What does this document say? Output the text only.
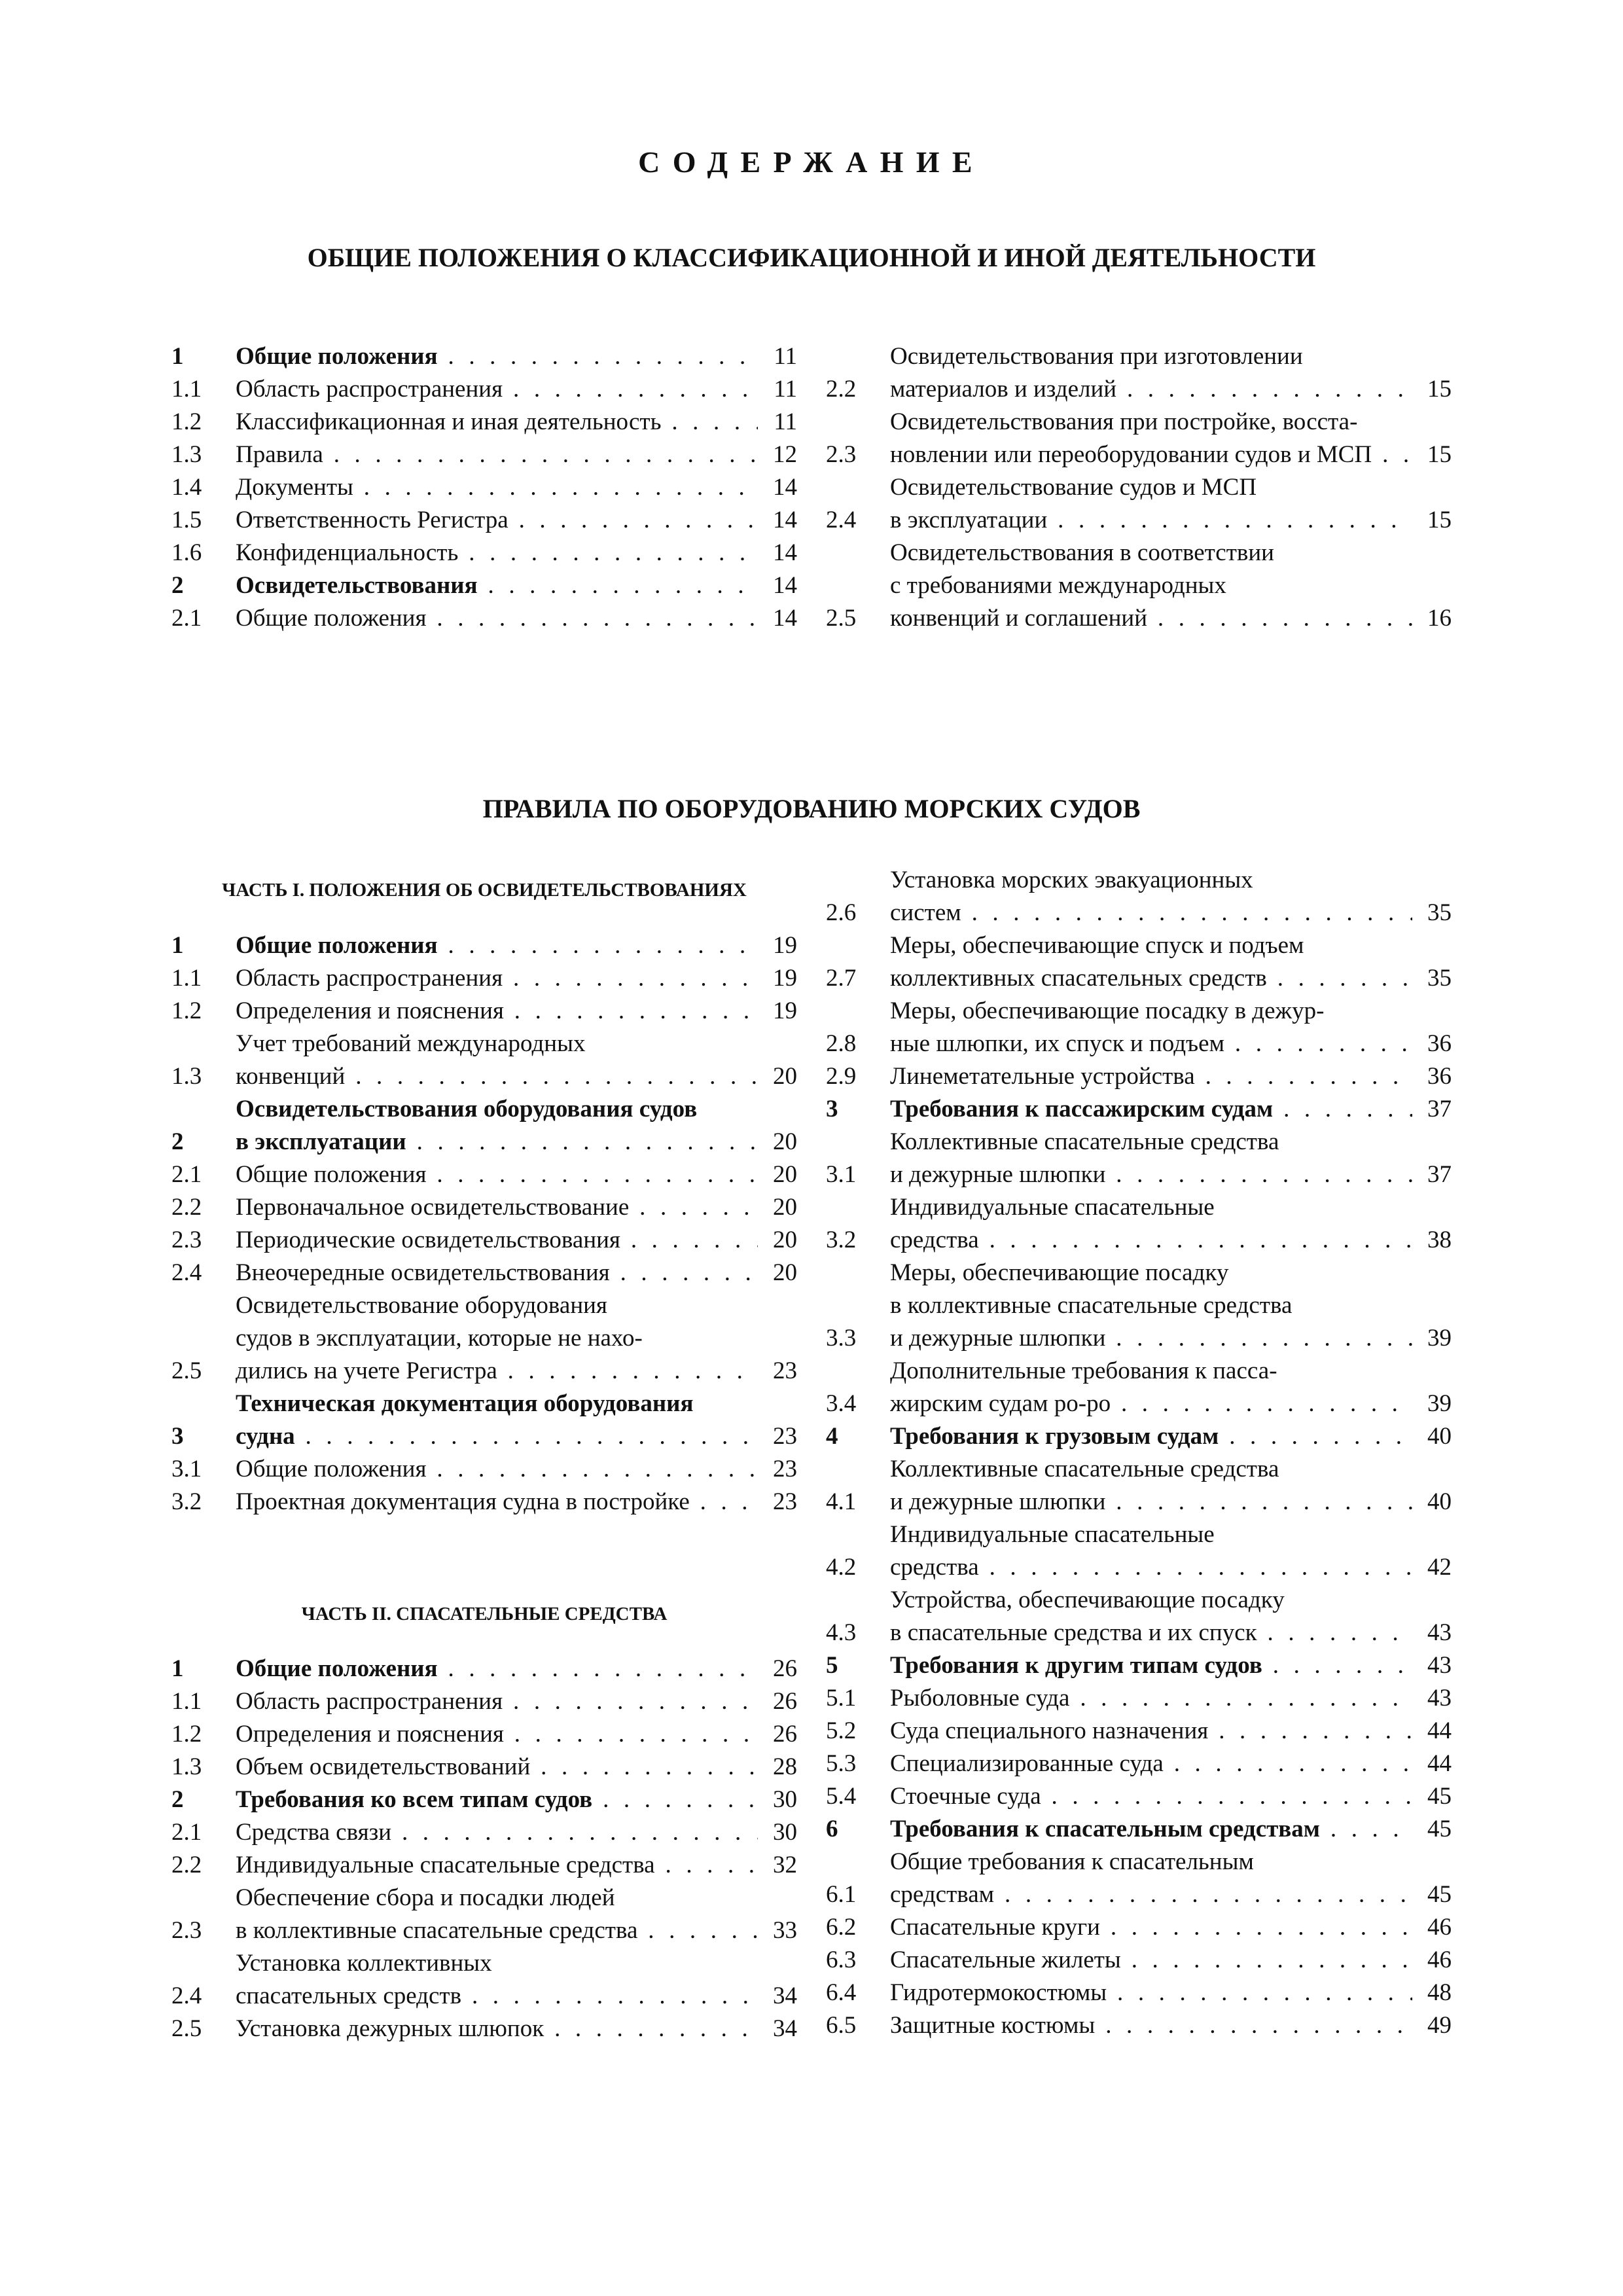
СОДЕРЖАНИЕ
ОБЩИЕ ПОЛОЖЕНИЯ О КЛАССИФИКАЦИОННОЙ И ИНОЙ ДЕЯТЕЛЬНОСТИ
1	Общие положения . . .	11
1.1	Область распространения . . .	11
1.2	Классификационная и иная деятельность . . .	11
1.3	Правила . . .	12
1.4	Документы . . .	14
1.5	Ответственность Регистра . . .	14
1.6	Конфиденциальность . . .	14
2	Освидетельствования . . .	14
2.1	Общие положения . . .	14
2.2
Освидетельствования при изготовлении
материалов и изделий . . .	15
2.3
Освидетельствования при постройке, восста-
новлении или переоборудовании судов и МСП . . .	15
2.4
Освидетельствование судов и МСП
в эксплуатации . . .	15
2.5
Освидетельствования в соответствии
с требованиями международных
конвенций и соглашений . . .	16
ПРАВИЛА ПО ОБОРУДОВАНИЮ МОРСКИХ СУДОВ
ЧАСТЬ I. ПОЛОЖЕНИЯ ОБ ОСВИДЕТЕЛЬСТВОВАНИЯХ
1	Общие положения . . .	19
1.1	Область распространения . . .	19
1.2	Определения и пояснения . . .	19
1.3
Учет требований международных
конвенций . . .	20
2
Освидетельствования оборудования судов
в эксплуатации . . .	20
2.1	Общие положения . . .	20
2.2	Первоначальное освидетельствование . . .	20
2.3	Периодические освидетельствования . . .	20
2.4	Внеочередные освидетельствования . . .	20
2.5
Освидетельствование оборудования
судов в эксплуатации, которые не нахо-
дились на учете Регистра . . .	23
3
Техническая документация оборудования
судна . . .	23
3.1	Общие положения . . .	23
3.2	Проектная документация судна в постройке . . .	23
ЧАСТЬ II. СПАСАТЕЛЬНЫЕ СРЕДСТВА
1	Общие положения . . .	26
1.1	Область распространения . . .	26
1.2	Определения и пояснения . . .	26
1.3	Объем освидетельствований . . .	28
2	Требования ко всем типам судов . . .	30
2.1	Средства связи . . .	30
2.2	Индивидуальные спасательные средства . . .	32
2.3
Обеспечение сбора и посадки людей
в коллективные спасательные средства . . .	33
2.4
Установка коллективных
спасательных средств . . .	34
2.5	Установка дежурных шлюпок . . .	34
2.6
Установка морских эвакуационных
систем . . .	35
2.7
Меры, обеспечивающие спуск и подъем
коллективных спасательных средств . . .	35
2.8
Меры, обеспечивающие посадку в дежур-
ные шлюпки, их спуск и подъем . . .	36
2.9	Линеметательные устройства . . .	36
3	Требования к пассажирским судам . . .	37
3.1
Коллективные спасательные средства
и дежурные шлюпки . . .	37
3.2
Индивидуальные спасательные
средства . . .	38
3.3
Меры, обеспечивающие посадку
в коллективные спасательные средства
и дежурные шлюпки . . .	39
3.4
Дополнительные требования к пасса-
жирским судам ро-ро . . .	39
4	Требования к грузовым судам . . .	40
4.1
Коллективные спасательные средства
и дежурные шлюпки . . .	40
4.2
Индивидуальные спасательные
средства . . .	42
4.3
Устройства, обеспечивающие посадку
в спасательные средства и их спуск . . .	43
5	Требования к другим типам судов . . .	43
5.1	Рыболовные суда . . .	43
5.2	Суда специального назначения . . .	44
5.3	Специализированные суда . . .	44
5.4	Стоечные суда . . .	45
6	Требования к спасательным средствам . . .	45
6.1
Общие требования к спасательным
средствам . . .	45
6.2	Спасательные круги . . .	46
6.3	Спасательные жилеты . . .	46
6.4	Гидротермокостюмы . . .	48
6.5	Защитные костюмы . . .	49
